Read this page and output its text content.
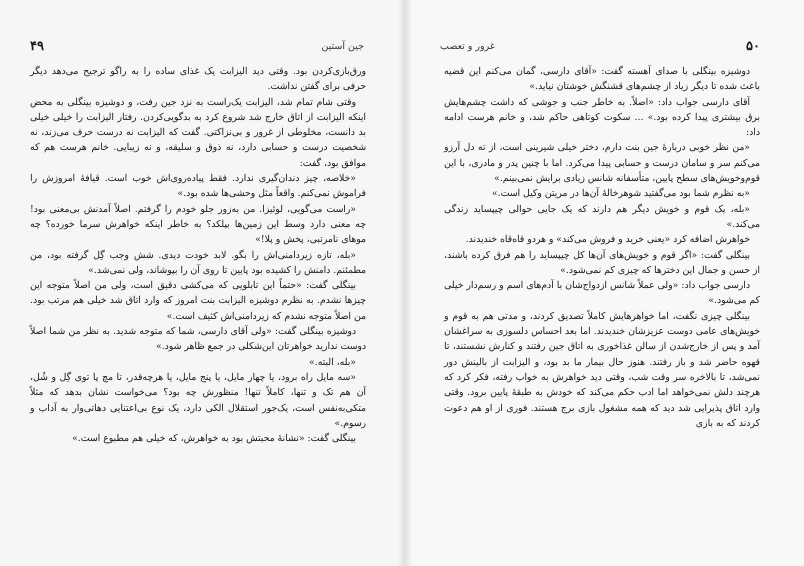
جین آستین
۴۹

ورق‌بازی‌کردن بود. وقتی دید الیزابت یک غذای ساده را به راگو ترجیح می‌دهد دیگر حرفی برای گفتن نداشت.

وقتی شام تمام شد، الیزابت یک‌راست به نزد جین رفت، و دوشیزه بینگلی به محض اینکه الیزابت از اتاق خارج شد شروع کرد به بدگویی‌کردن. رفتار الیزابت را خیلی خیلی بد دانست، مخلوطی از غرور و بی‌نزاکتی. گفت که الیزابت نه درست حرف می‌زند، نه شخصیت درست و حسابی دارد، نه ذوق و سلیقه، و نه زیبایی. خانم هرست هم که موافق بود، گفت:

«خلاصه، چیز دندان‌گیری ندارد. فقط پیاده‌روی‌اش خوب است. قیافهٔ امروزش را فراموش نمی‌کنم. واقعاً مثل وحشی‌ها شده بود.»

«راست می‌گویی، لوئیزا. من به‌زور جلو خودم را گرفتم. اصلاً آمدنش بی‌معنی بود! چه معنی دارد وسط این زمین‌ها بپلکد؟ به خاطر اینکه خواهرش سرما خورده؟ چه موهای نامرتبی، پخش و پلا!»

«بله، تازه زیردامنی‌اش را بگو. لابد خودت دیدی. شش وجب گِل گرفته بود، من مطمئنم. دامنش را کشیده بود پایین تا روی آن را بپوشاند، ولی نمی‌شد.»

بینگلی گفت: «حتماً این تابلویی که می‌کشی دقیق است، ولی من اصلاً متوجه این چیزها نشدم. به نظرم دوشیزه الیزابت بنت امروز که وارد اتاق شد خیلی هم مرتب بود. من اصلاً متوجه نشدم که زیردامنی‌اش کثیف است.»

دوشیزه بینگلی گفت: «ولی آقای دارسی، شما که متوجه شدید. به نظر من شما اصلاً دوست ندارید خواهرتان این‌شکلی در جمع ظاهر شود.»

«بله، البته.»

«سه مایل راه برود، یا چهار مایل، یا پنج مایل، یا هرچه‌قدر، تا مچ پا توی گِل و شُل، آن هم تک و تنها، کاملاً تنها! منظورش چه بود؟ می‌خواست نشان بدهد که مثلاً متکی‌به‌نفس است، یک‌جور استقلال الکی دارد، یک نوع بی‌اعتنایی دهاتی‌وار به آداب و رسوم.»

بینگلی گفت: «نشانهٔ محبتش بود به خواهرش، که خیلی هم مطبوع است.»

۵۰
غرور و تعصب

دوشیزه بینگلی با صدای آهسته گفت: «آقای دارسی، گمان می‌کنم این قضیه باعث شده تا دیگر زیاد از چشم‌های قشنگش خوشتان نیاید.»

آقای دارسی جواب داد: «اصلاً. به خاطر جنب و جوشی که داشت چشم‌هایش برق بیشتری پیدا کرده بود.» ... سکوت کوتاهی حاکم شد، و خانم هرست ادامه داد:

«من نظر خوبی دربارهٔ جین بنت دارم، دختر خیلی شیرینی است، از ته دل آرزو می‌کنم سر و سامان درست و حسابی پیدا می‌کرد. اما با چنین پدر و مادری، با این قوم‌وخویش‌های سطح پایین، متأسفانه شانس زیادی برایش نمی‌بینم.»

«به نظرم شما بود می‌گفتید شوهرخالهٔ آن‌ها در مریتن وکیل است.»

«بله، یک قوم و خویش دیگر هم دارند که یک جایی حوالی چیپساید زندگی می‌کند.»

خواهرش اضافه کرد «یعنی خرید و فروش می‌کند» و هردو قاه‌قاه خندیدند.

بینگلی گفت: «اگر قوم و خویش‌های آن‌ها کل چیپساید را هم فرق کرده باشند، از حسن و جمال این دخترها که چیزی کم نمی‌شود.»

دارسی جواب داد: «ولی عملاً شانس ازدواج‌شان با آدم‌های اسم و رسم‌دار خیلی کم می‌شود.»

بینگلی چیزی نگفت، اما خواهرهایش کاملاً تصدیق کردند، و مدتی هم به قوم و خویش‌های عامی دوست عزیزشان خندیدند. اما بعد احساس دلسوزی به سراغشان آمد و پس از خارج‌شدن از سالن غذاخوری به اتاق جین رفتند و کنارش نشستند، تا قهوه حاضر شد و باز رفتند. هنوز حال بیمار ما بد بود، و الیزابت از بالینش دور نمی‌شد، تا بالاخره سر وقت شب، وقتی دید خواهرش به خواب رفته، فکر کرد که هرچند دلش نمی‌خواهد اما ادب حکم می‌کند که خودش به طبقهٔ پایین برود. وقتی وارد اتاق پذیرایی شد دید که همه مشغول بازی برج هستند. فوری از او هم دعوت کردند که به بازی
